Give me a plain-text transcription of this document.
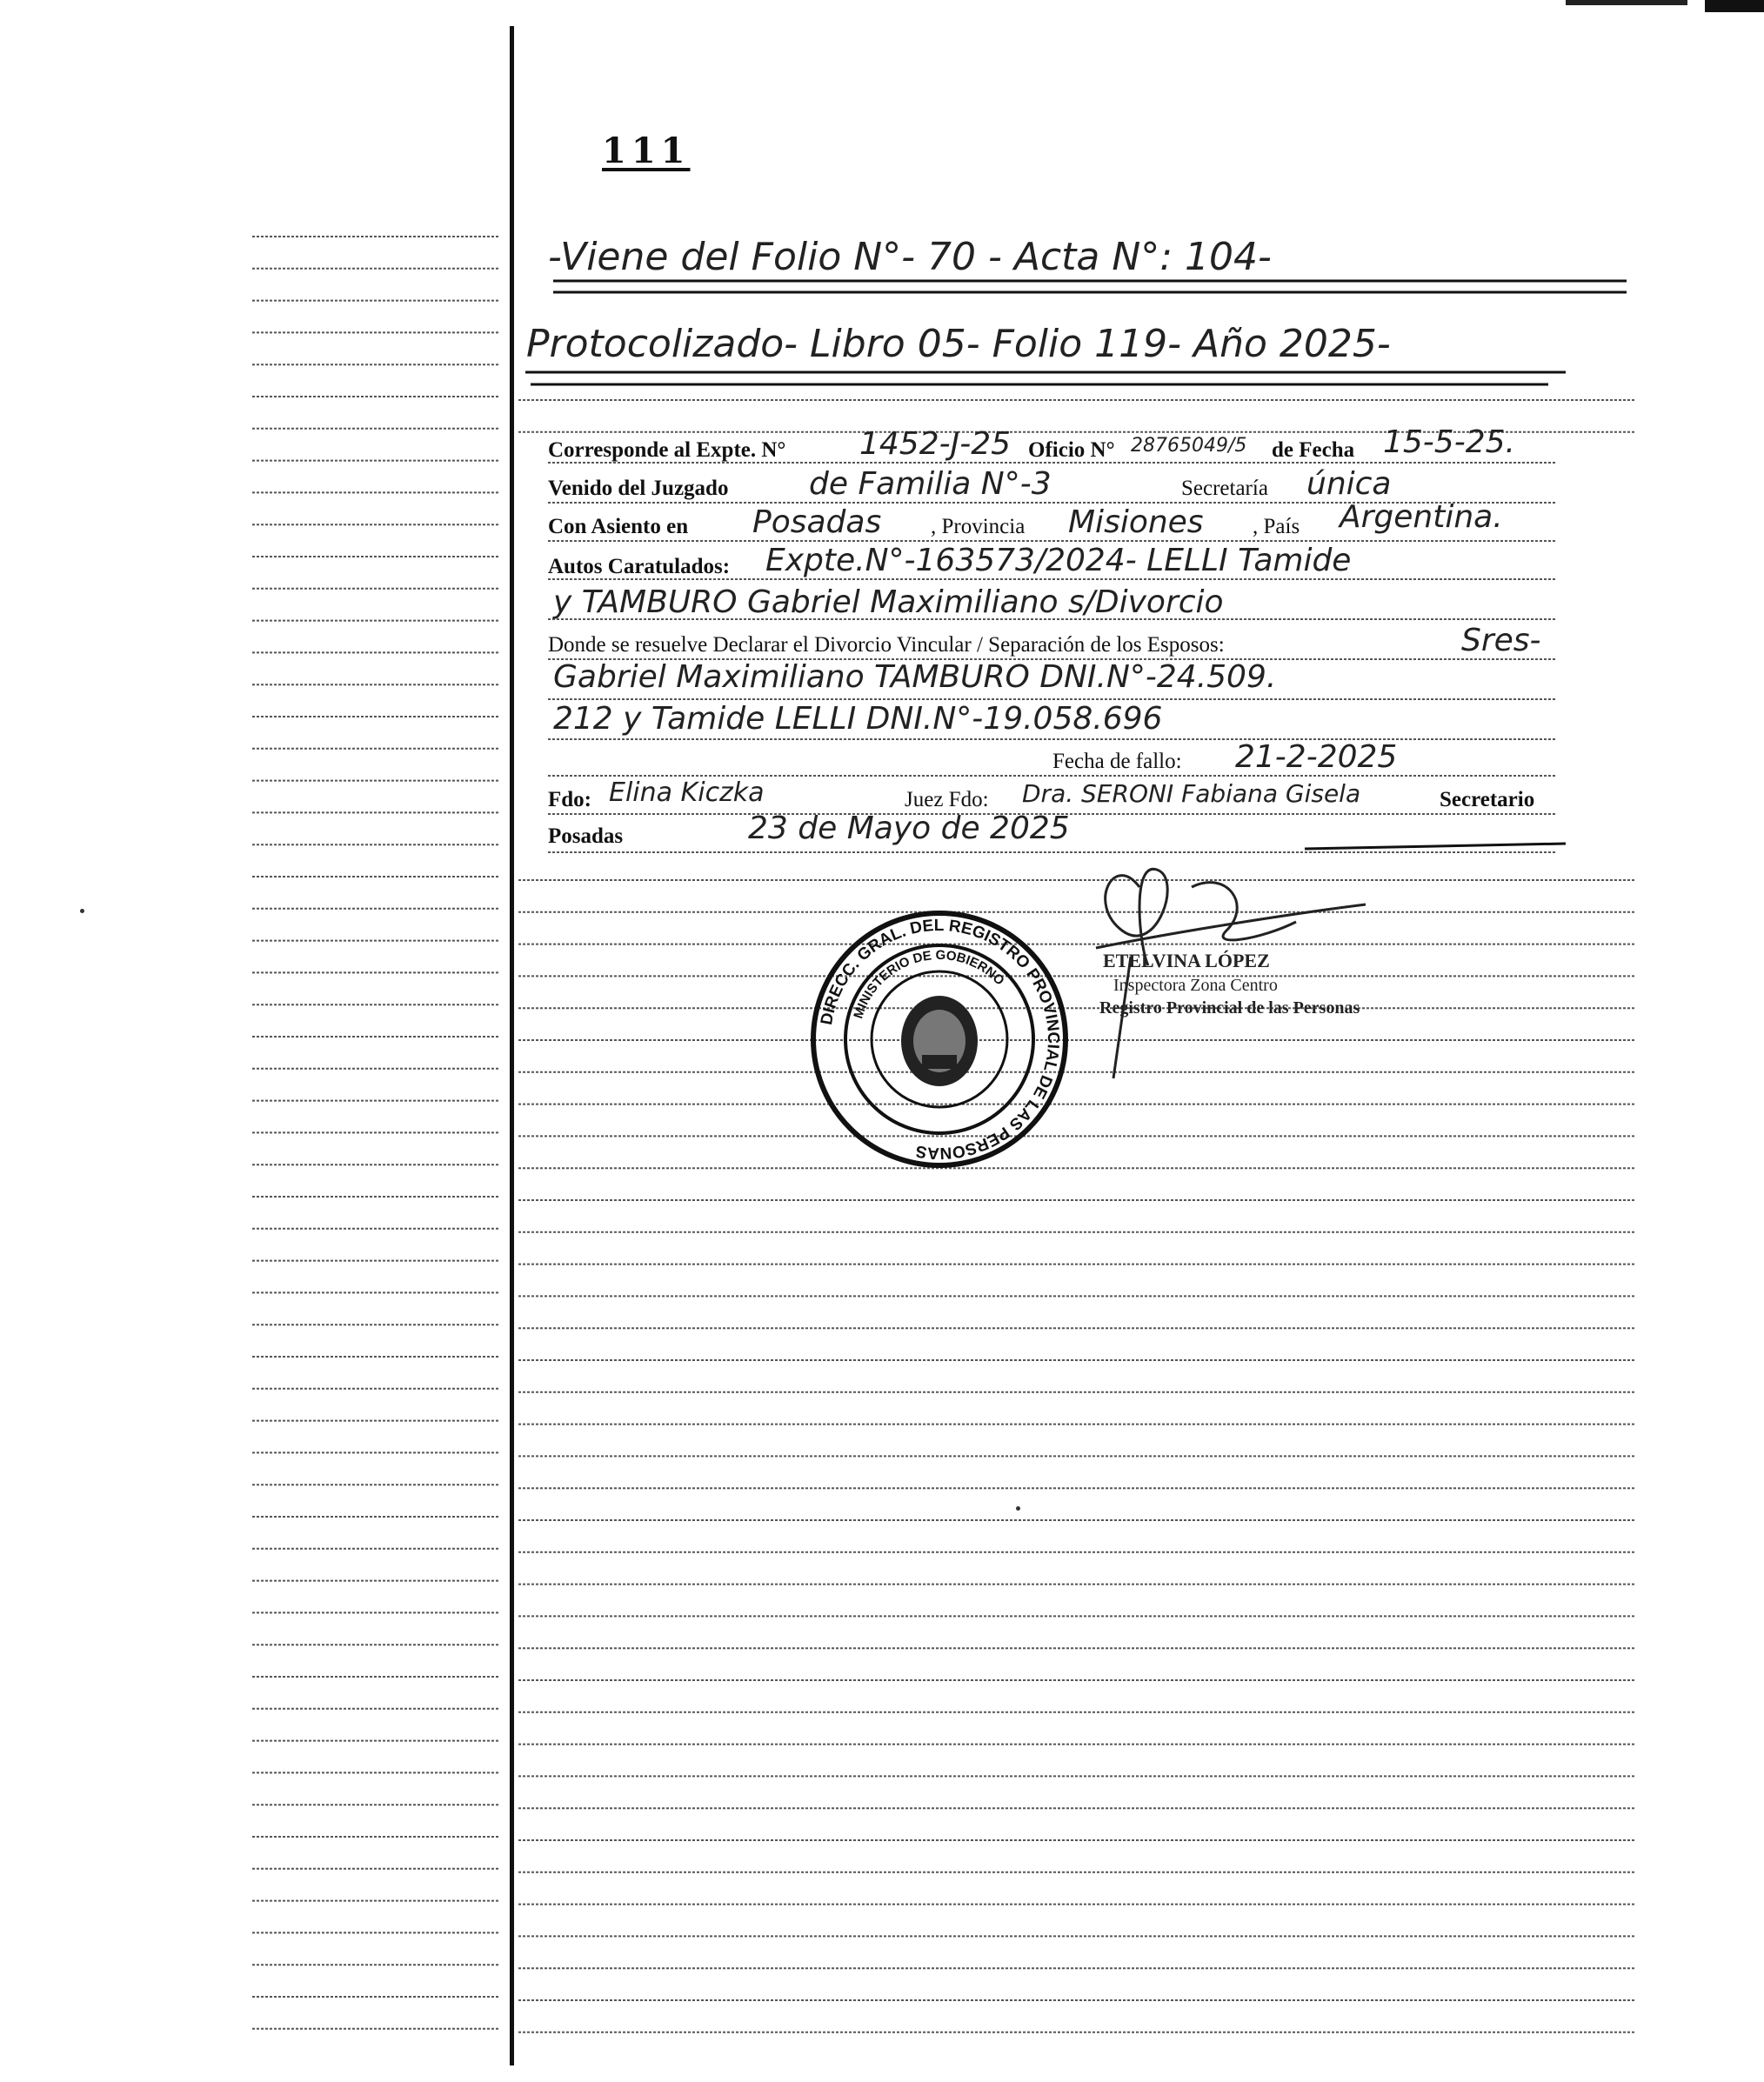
111
-Viene del Folio N°- 70 - Acta N°: 104-
Protocolizado- Libro 05- Folio 119- Año 2025-
Corresponde al Expte. N° 1452-J-25 Oficio N° 28765049/5 de Fecha 15-5-25.
Venido del Juzgado	de Familia N°-3	Secretaría única
Con Asiento en Posadas , Provincia Misiones , País Argentina.
Autos Caratulados: Expte.N°-163573/2024- LELLI Tamide
y TAMBURO Gabriel Maximiliano s/Divorcio
Donde se resuelve Declarar el Divorcio Vincular / Separación de los Esposos:	Sres-
Gabriel Maximiliano TAMBURO DNI.N°-24.509.
212 y Tamide LELLI DNI.N°-19.058.696
Fecha de fallo: 21-2-2025
Fdo: Elina Kiczka	Juez Fdo: Dra. SERONI Fabiana Gisela	Secretario
Posadas	23 de Mayo de 2025
DIRECC. GRAL. DEL REGISTRO PROVINCIAL DE LAS PERSONAS
MINISTERIO DE GOBIERNO
ETELVINA LÓPEZ
Inspectora Zona Centro
Registro Provincial de las Personas
